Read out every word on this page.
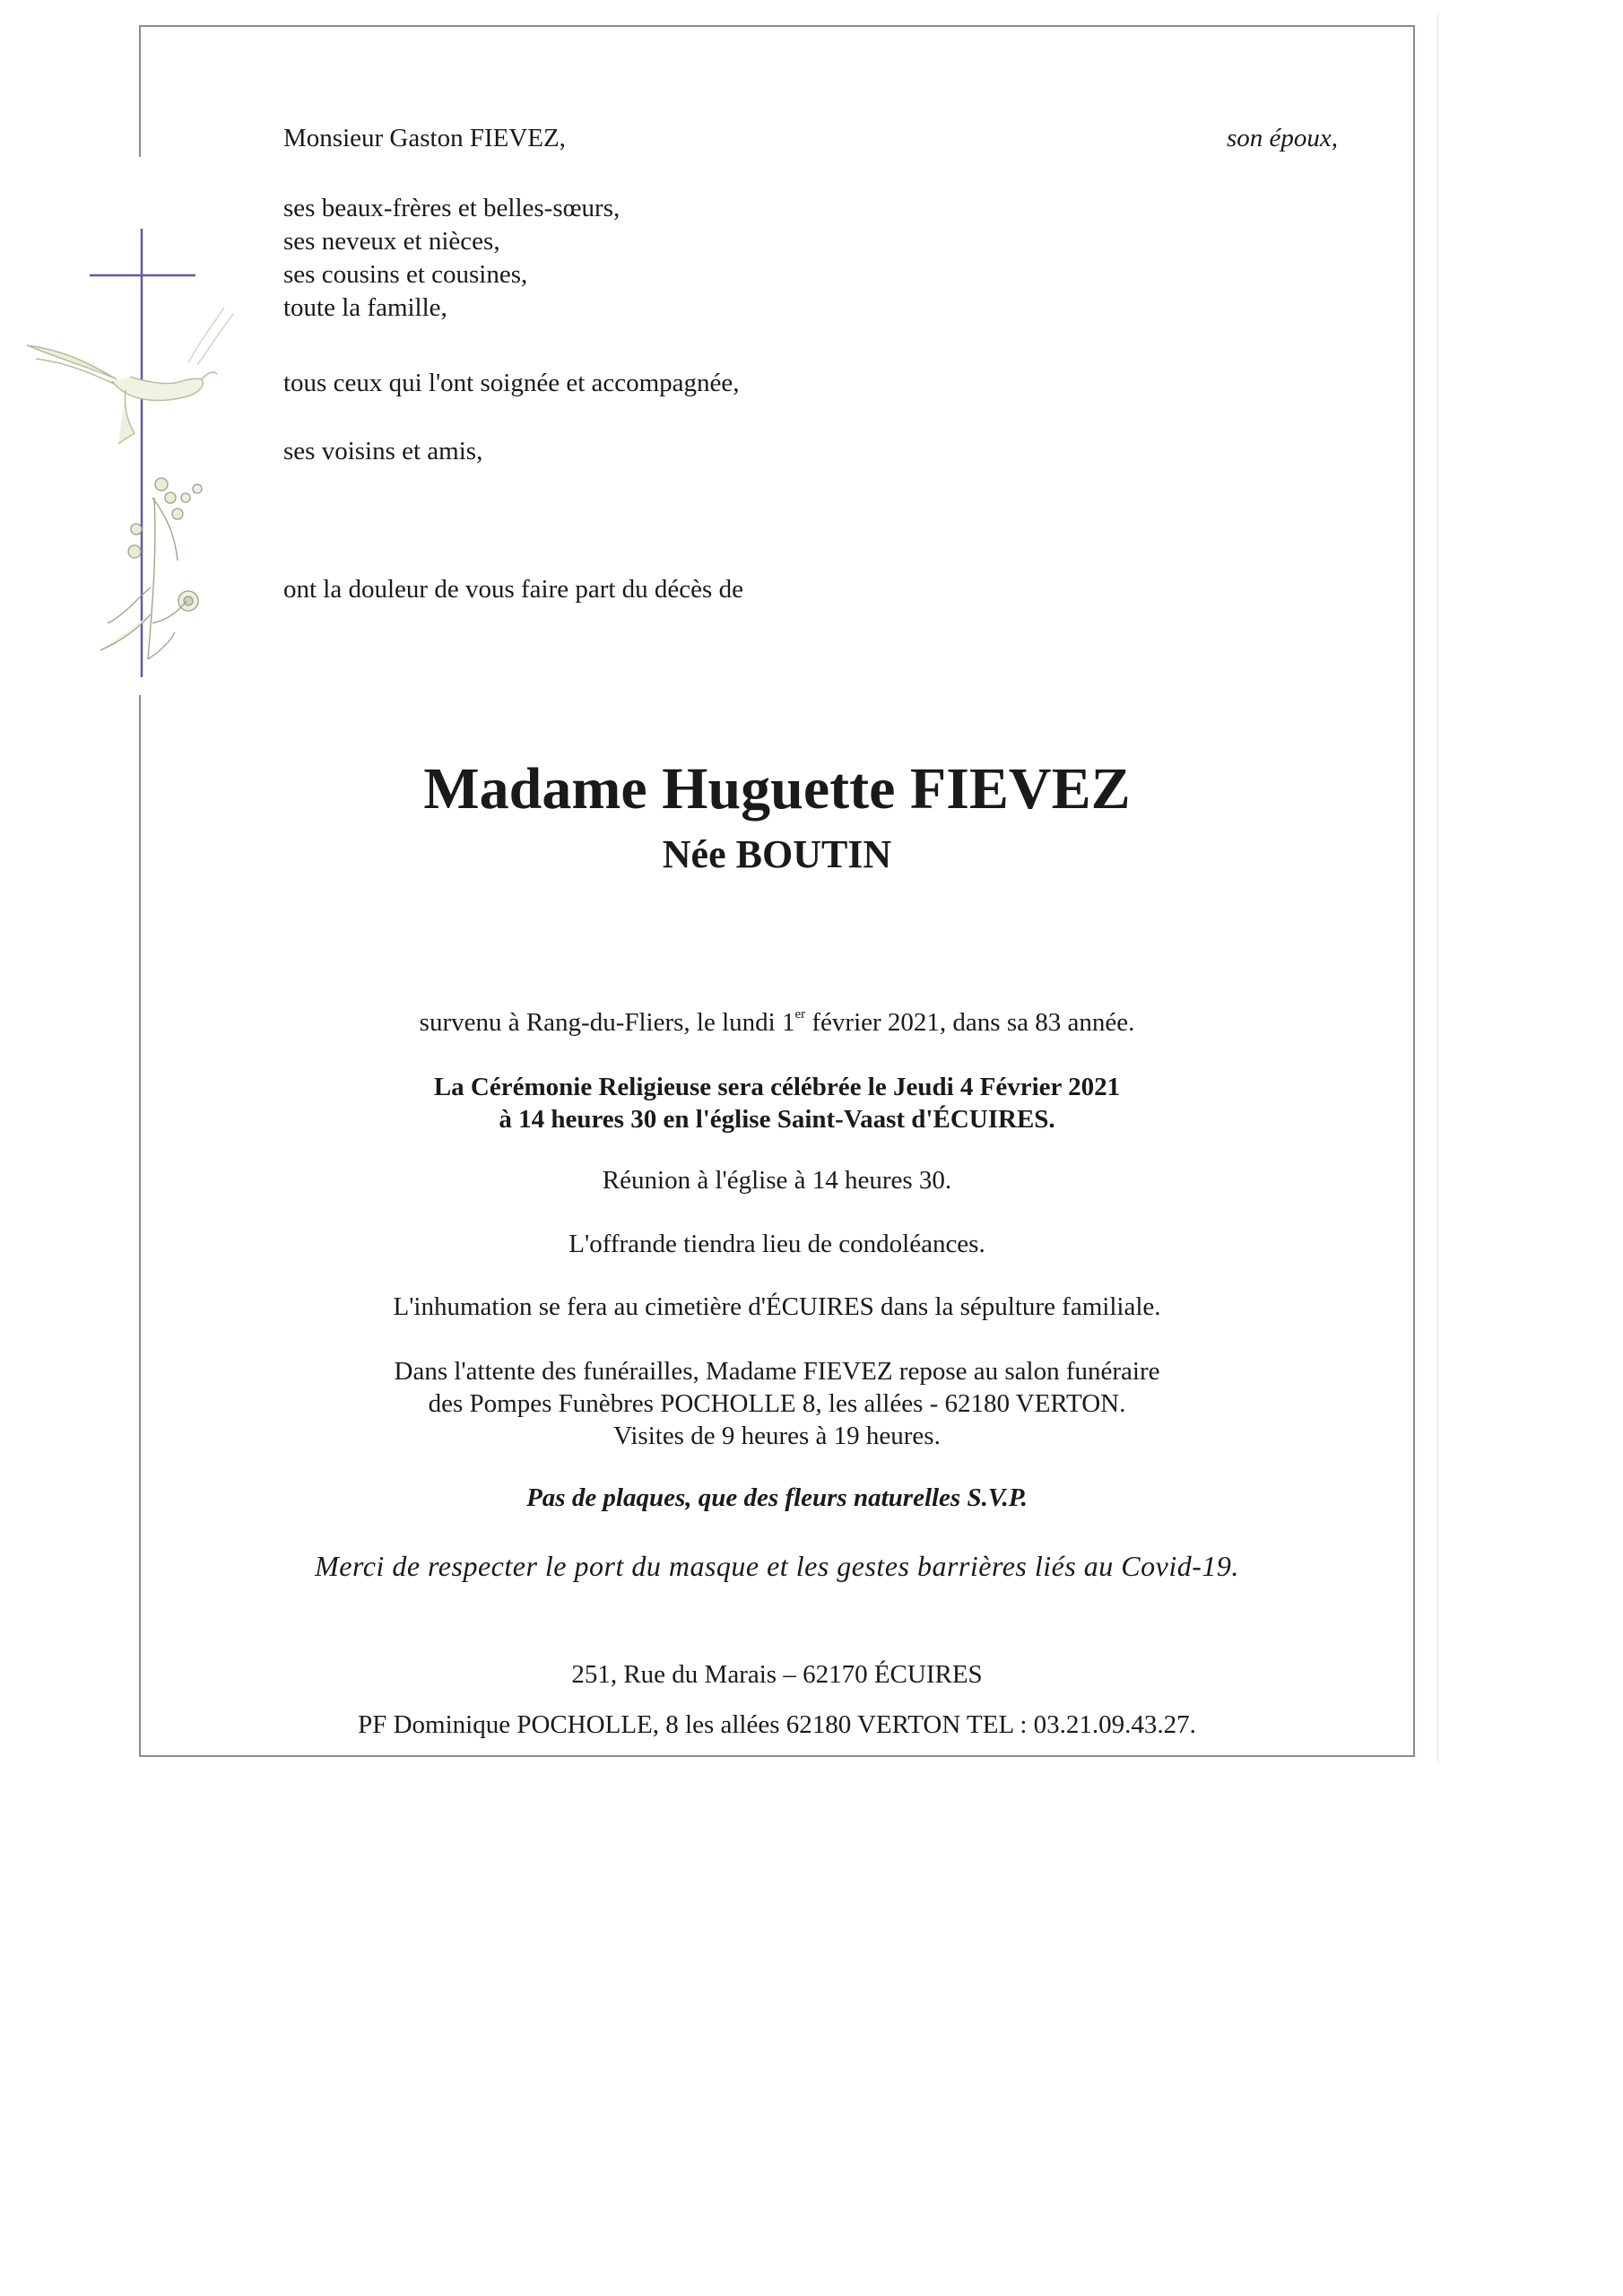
Monsieur Gaston FIEVEZ,	son époux,
ses beaux-frères et belles-sœurs,
ses neveux et nièces,
ses cousins et cousines,
toute la famille,
tous ceux qui l'ont soignée et accompagnée,
ses voisins et amis,
ont la douleur de vous faire part du décès de
Madame Huguette FIEVEZ
Née BOUTIN
survenu à Rang-du-Fliers, le lundi 1er février 2021, dans sa 83 année.
La Cérémonie Religieuse sera célébrée le Jeudi 4 Février 2021
à 14 heures 30 en l'église Saint-Vaast d'ÉCUIRES.
Réunion à l'église à 14 heures 30.
L'offrande tiendra lieu de condoléances.
L'inhumation se fera au cimetière d'ÉCUIRES dans la sépulture familiale.
Dans l'attente des funérailles, Madame FIEVEZ repose au salon funéraire
des Pompes Funèbres POCHOLLE 8, les allées - 62180 VERTON.
Visites de 9 heures à 19 heures.
Pas de plaques, que des fleurs naturelles S.V.P.
Merci de respecter le port du masque et les gestes barrières liés au Covid-19.
251, Rue du Marais – 62170 ÉCUIRES
PF Dominique POCHOLLE, 8 les allées 62180 VERTON TEL : 03.21.09.43.27.
